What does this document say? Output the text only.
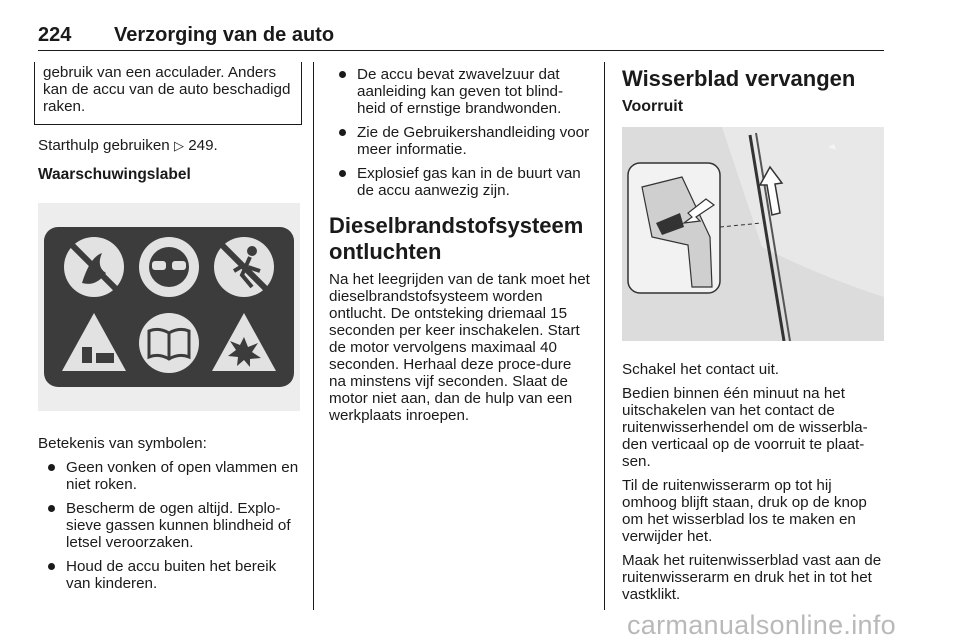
224 Verzorging van de auto
gebruik van een acculader. Anders kan de accu van de auto beschadigd raken.

Starthulp gebruiken ▷ 249.

Waarschuwingslabel

Betekenis van symbolen:

Geen vonken of open vlammen en niet roken.
Bescherm de ogen altijd. Explo-sieve gassen kunnen blindheid of letsel veroorzaken.
Houd de accu buiten het bereik van kinderen.
De accu bevat zwavelzuur dat aanleiding kan geven tot blind-heid of ernstige brandwonden.
Zie de Gebruikershandleiding voor meer informatie.
Explosief gas kan in de buurt van de accu aanwezig zijn.
Dieselbrandstofsysteem ontluchten

Na het leegrijden van de tank moet het dieselbrandstofsysteem worden ontlucht. De ontsteking driemaal 15 seconden per keer inschakelen. Start de motor vervolgens maximaal 40 seconden. Herhaal deze proce-dure na minstens vijf seconden. Slaat de motor niet aan, dan de hulp van een werkplaats inroepen.

Wisserblad vervangen
Voorruit

Schakel het contact uit.

Bedien binnen één minuut na het uitschakelen van het contact de ruitenwisserhendel om de wisserbla-den verticaal op de voorruit te plaat-sen.

Til de ruitenwisserarm op tot hij omhoog blijft staan, druk op de knop om het wisserblad los te maken en verwijder het.

Maak het ruitenwisserblad vast aan de ruitenwisserarm en druk het in tot het vastklikt.

carmanualsonline.info
